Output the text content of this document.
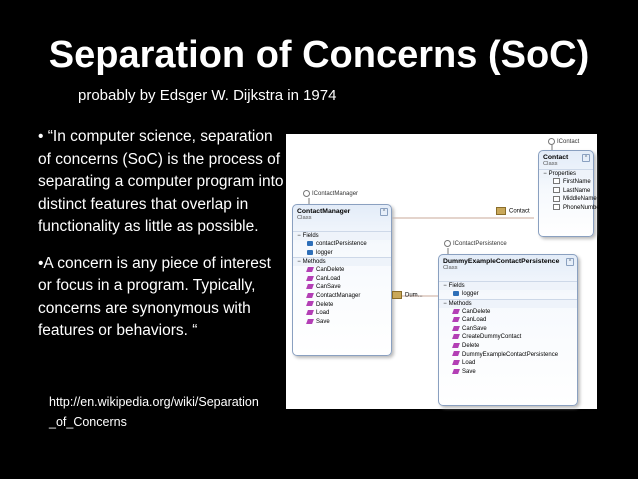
Separation of Concerns (SoC)
probably by Edsger W. Dijkstra in 1974

• “In computer science, separation of concerns (SoC) is the process of separating a computer program into distinct features that overlap in functionality as little as possible.

•A concern is any piece of interest or focus in a program. Typically, concerns are synonymous with features or behaviors. “

http://en.wikipedia.org/wiki/Separation_of_Concerns
IContact
Contact
Class
^
− Properties
FirstName
LastName
MiddleName
PhoneNumber
IContactManager
ContactManager
Class
^
− Fields
contactPersistence
logger
− Methods
CanDelete
CanLoad
CanSave
ContactManager
Delete
Load
Save
Contact
Dum...
IContactPersistence
DummyExampleContactPersistence
Class
^
− Fields
logger
− Methods
CanDelete
CanLoad
CanSave
CreateDummyContact
Delete
DummyExampleContactPersistence
Load
Save
